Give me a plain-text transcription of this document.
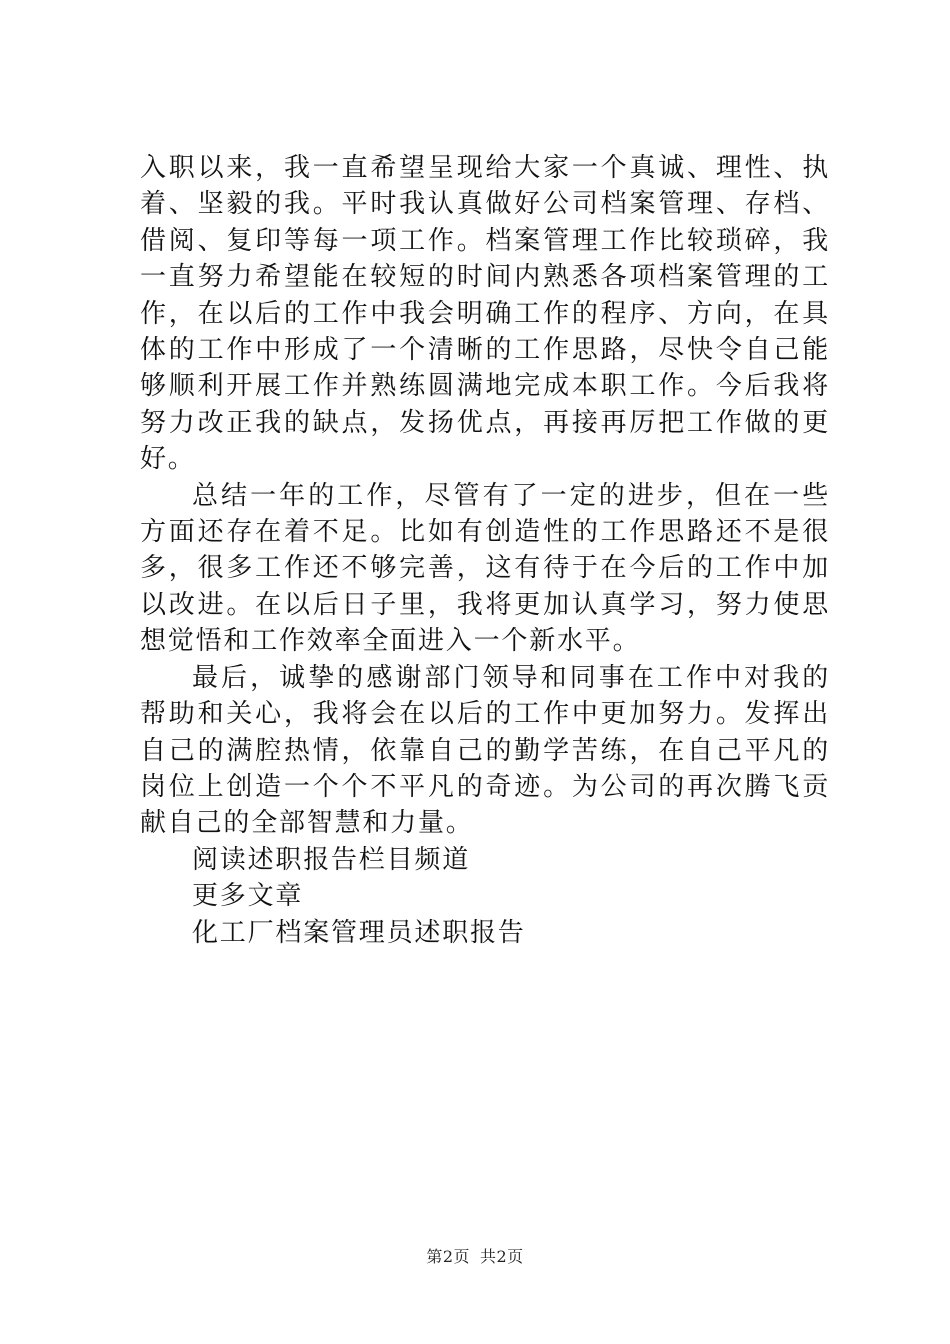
入职以来，我一直希望呈现给大家一个真诚、理性、执着、坚毅的我。平时我认真做好公司档案管理、存档、借阅、复印等每一项工作。档案管理工作比较琐碎，我一直努力希望能在较短的时间内熟悉各项档案管理的工作，在以后的工作中我会明确工作的程序、方向，在具体的工作中形成了一个清晰的工作思路，尽快令自己能够顺利开展工作并熟练圆满地完成本职工作。今后我将努力改正我的缺点，发扬优点，再接再厉把工作做的更好。

总结一年的工作，尽管有了一定的进步，但在一些方面还存在着不足。比如有创造性的工作思路还不是很多，很多工作还不够完善，这有待于在今后的工作中加以改进。在以后日子里，我将更加认真学习，努力使思想觉悟和工作效率全面进入一个新水平。

最后，诚挚的感谢部门领导和同事在工作中对我的帮助和关心，我将会在以后的工作中更加努力。发挥出自己的满腔热情，依靠自己的勤学苦练，在自己平凡的岗位上创造一个个不平凡的奇迹。为公司的再次腾飞贡献自己的全部智慧和力量。

阅读述职报告栏目频道

更多文章

化工厂档案管理员述职报告

第2页 共2页
